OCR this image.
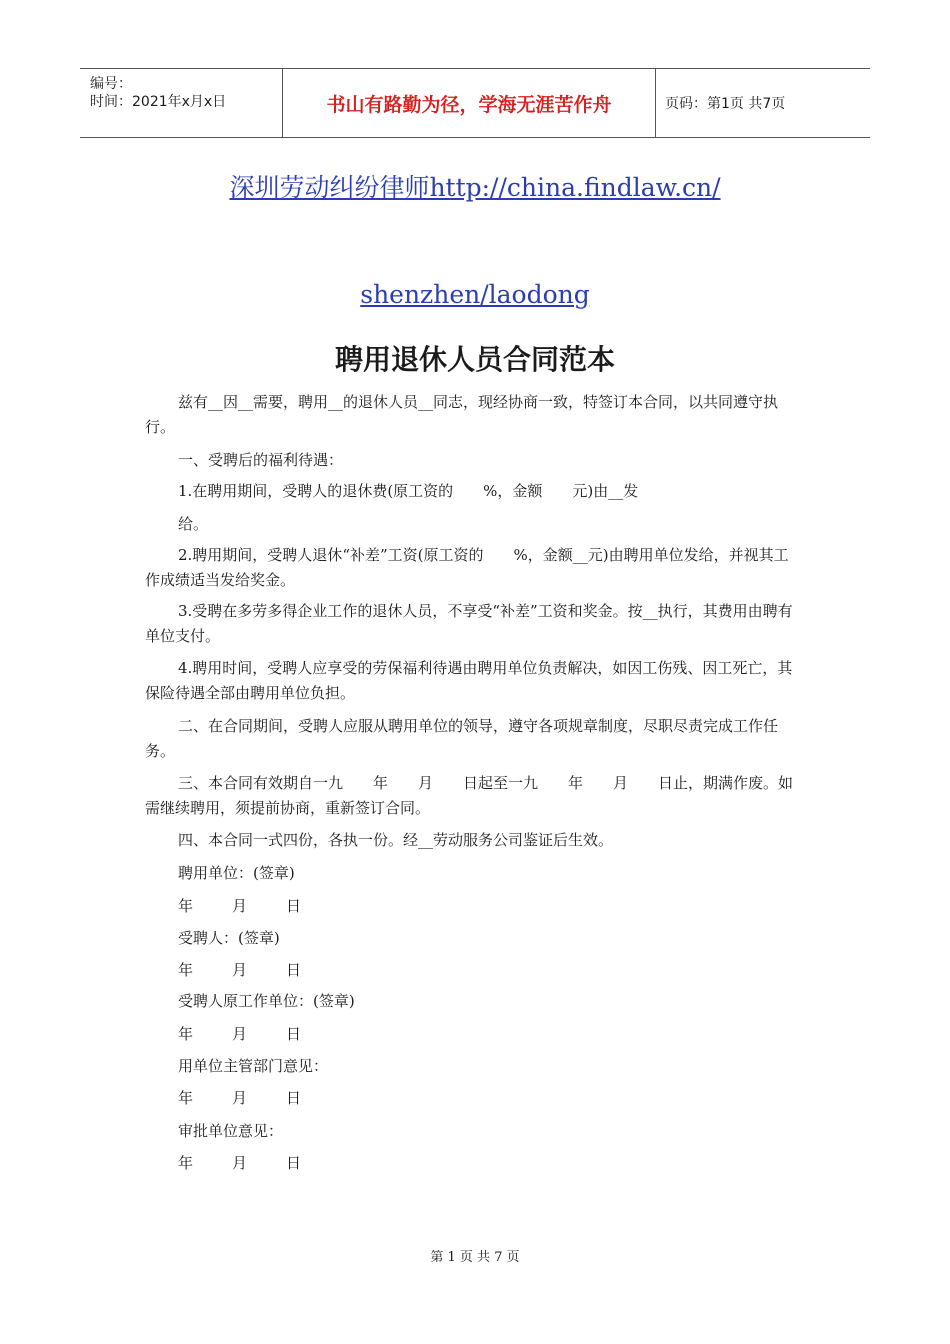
编号：
时间：2021年x月x日	书山有路勤为径，学海无涯苦作舟	页码：第1页 共7页
深圳劳动纠纷律师http://china.findlaw.cn/
shenzhen/laodong
聘用退休人员合同范本
兹有__因__需要，聘用__的退休人员__同志，现经协商一致，特签订本合同，以共同遵守执行。
一、受聘后的福利待遇：
1.在聘用期间，受聘人的退休费(原工资的　　%，金额　　元)由__发
给。
2.聘用期间，受聘人退休“补差”工资(原工资的　　%，金额__元)由聘用单位发给，并视其工作成绩适当发给奖金。
3.受聘在多劳多得企业工作的退休人员，不享受“补差”工资和奖金。按__执行，其费用由聘有单位支付。
4.聘用时间，受聘人应享受的劳保福利待遇由聘用单位负责解决，如因工伤残、因工死亡，其保险待遇全部由聘用单位负担。
二、在合同期间，受聘人应服从聘用单位的领导，遵守各项规章制度，尽职尽责完成工作任务。
三、本合同有效期自一九　　年　　月　　日起至一九　　年　　月　　日止，期满作废。如需继续聘用，须提前协商，重新签订合同。
四、本合同一式四份，各执一份。经__劳动服务公司鉴证后生效。
聘用单位：(签章)
年	月	日
受聘人：(签章)
年	月	日
受聘人原工作单位：(签章)
年	月	日
用单位主管部门意见：
年	月	日
审批单位意见：
年	月	日
第 1 页 共 7 页
